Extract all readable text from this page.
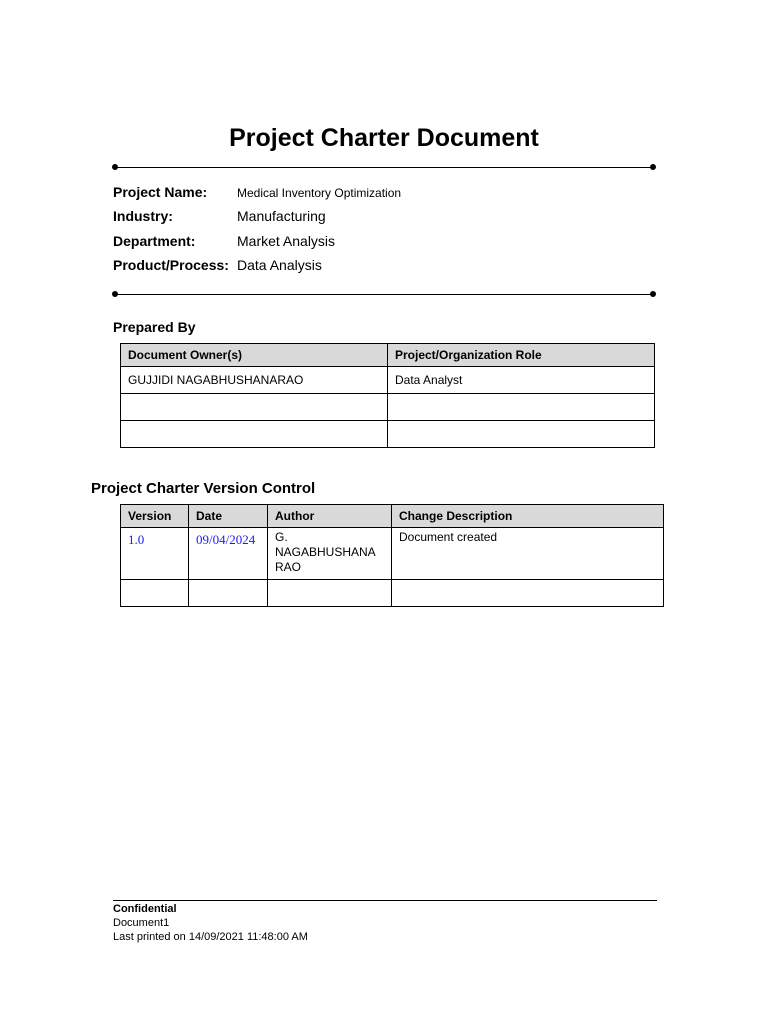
Project Charter Document
Project Name: Medical Inventory Optimization
Industry:	Manufacturing
Department:	Market Analysis
Product/Process: Data Analysis
Prepared By
Document Owner(s)	Project/Organization Role
GUJJIDI NAGABHUSHANARAO	Data Analyst

Project Charter Version Control
Version	Date	Author	Change Description
1.0	09/04/2024	G. NAGABHUSHANA RAO	Document created

Confidential
Document1
Last printed on 14/09/2021 11:48:00 AM
